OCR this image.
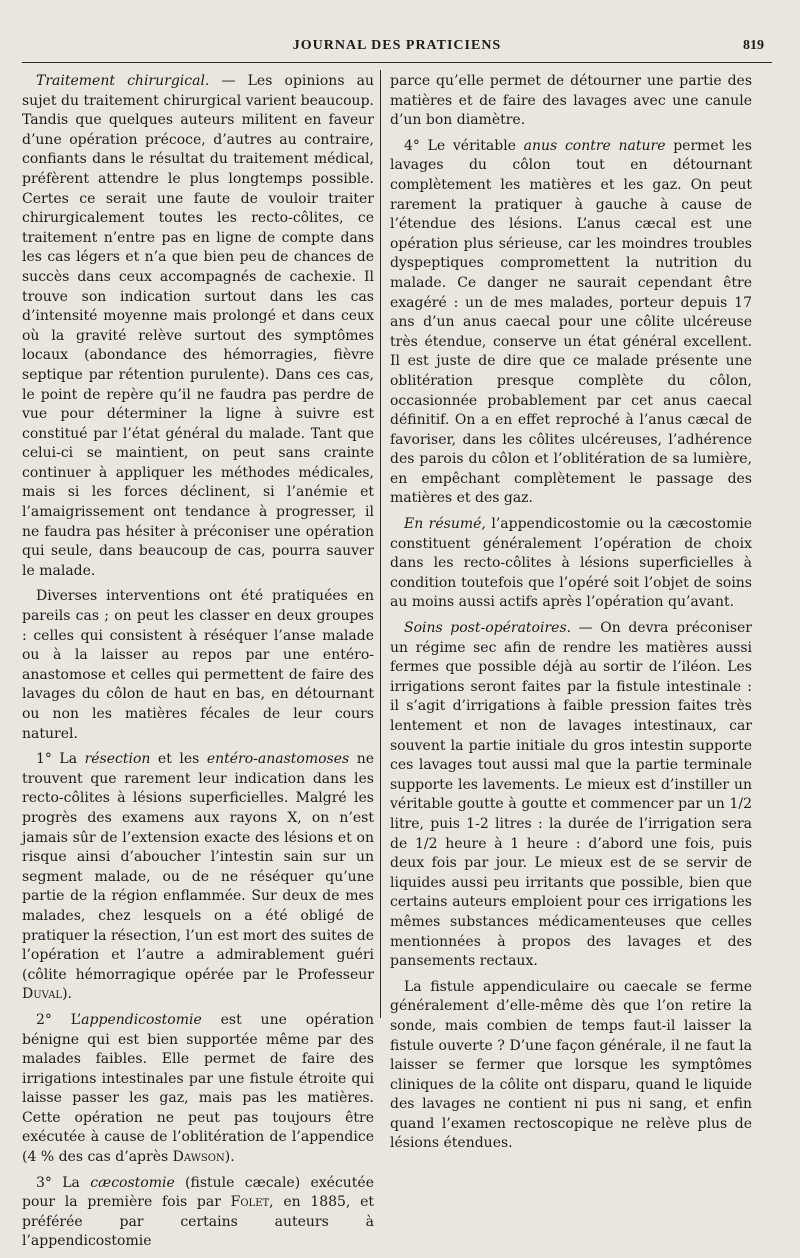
JOURNAL DES PRATICIENS	819

Traitement chirurgical. — Les opinions au sujet du traitement chirurgical varient beaucoup. Tandis que quelques auteurs militent en faveur d’une opération précoce, d’autres au contraire, confiants dans le résultat du traitement médical, préfèrent attendre le plus longtemps possible. Certes ce serait une faute de vouloir traiter chirurgicalement toutes les recto-côlites, ce traitement n’entre pas en ligne de compte dans les cas légers et n’a que bien peu de chances de succès dans ceux accompagnés de cachexie. Il trouve son indication surtout dans les cas d’intensité moyenne mais prolongé et dans ceux où la gravité relève surtout des symptômes locaux (abondance des hémorragies, fièvre septique par rétention purulente). Dans ces cas, le point de repère qu’il ne faudra pas perdre de vue pour déterminer la ligne à suivre est constitué par l’état général du malade. Tant que celui-ci se maintient, on peut sans crainte continuer à appliquer les méthodes médicales, mais si les forces déclinent, si l’anémie et l’amaigrissement ont tendance à progresser, il ne faudra pas hésiter à préconiser une opération qui seule, dans beaucoup de cas, pourra sauver le malade.

Diverses interventions ont été pratiquées en pareils cas ; on peut les classer en deux groupes : celles qui consistent à réséquer l’anse malade ou à la laisser au repos par une entéro-anastomose et celles qui permettent de faire des lavages du côlon de haut en bas, en détournant ou non les matières fécales de leur cours naturel.

1° La résection et les entéro-anastomoses ne trouvent que rarement leur indication dans les recto-côlites à lésions superficielles. Malgré les progrès des examens aux rayons X, on n’est jamais sûr de l’extension exacte des lésions et on risque ainsi d’aboucher l’intestin sain sur un segment malade, ou de ne réséquer qu’une partie de la région enflammée. Sur deux de mes malades, chez lesquels on a été obligé de pratiquer la résection, l’un est mort des suites de l’opération et l’autre a admirablement guéri (côlite hémorragique opérée par le Professeur Duval).

2° L’appendicostomie est une opération bénigne qui est bien supportée même par des malades faibles. Elle permet de faire des irrigations intestinales par une fistule étroite qui laisse passer les gaz, mais pas les matières. Cette opération ne peut pas toujours être exécutée à cause de l’oblitération de l’appendice (4 % des cas d’après Dawson).

3° La cæcostomie (fistule cæcale) exécutée pour la première fois par Folet, en 1885, et préférée par certains auteurs à l’appendicostomie

parce qu’elle permet de détourner une partie des matières et de faire des lavages avec une canule d’un bon diamètre.

4° Le véritable anus contre nature permet les lavages du côlon tout en détournant complètement les matières et les gaz. On peut rarement la pratiquer à gauche à cause de l’étendue des lésions. L’anus cæcal est une opération plus sérieuse, car les moindres troubles dyspeptiques compromettent la nutrition du malade. Ce danger ne saurait cependant être exagéré : un de mes malades, porteur depuis 17 ans d’un anus caecal pour une côlite ulcéreuse très étendue, conserve un état général excellent. Il est juste de dire que ce malade présente une oblitération presque complète du côlon, occasionnée probablement par cet anus caecal définitif. On a en effet reproché à l’anus cæcal de favoriser, dans les côlites ulcéreuses, l’adhérence des parois du côlon et l’oblitération de sa lumière, en empêchant complètement le passage des matières et des gaz.

En résumé, l’appendicostomie ou la cæcostomie constituent généralement l’opération de choix dans les recto-côlites à lésions superficielles à condition toutefois que l’opéré soit l’objet de soins au moins aussi actifs après l’opération qu’avant.

Soins post-opératoires. — On devra préconiser un régime sec afin de rendre les matières aussi fermes que possible déjà au sortir de l’iléon. Les irrigations seront faites par la fistule intestinale : il s’agit d’irrigations à faible pression faites très lentement et non de lavages intestinaux, car souvent la partie initiale du gros intestin supporte ces lavages tout aussi mal que la partie terminale supporte les lavements. Le mieux est d’instiller un véritable goutte à goutte et commencer par un 1/2 litre, puis 1-2 litres : la durée de l’irrigation sera de 1/2 heure à 1 heure : d’abord une fois, puis deux fois par jour. Le mieux est de se servir de liquides aussi peu irritants que possible, bien que certains auteurs emploient pour ces irrigations les mêmes substances médicamenteuses que celles mentionnées à propos des lavages et des pansements rectaux.

La fistule appendiculaire ou caecale se ferme généralement d’elle-même dès que l’on retire la sonde, mais combien de temps faut-il laisser la fistule ouverte ? D’une façon générale, il ne faut la laisser se fermer que lorsque les symptômes cliniques de la côlite ont disparu, quand le liquide des lavages ne contient ni pus ni sang, et enfin quand l’examen rectoscopique ne relève plus de lésions étendues.
